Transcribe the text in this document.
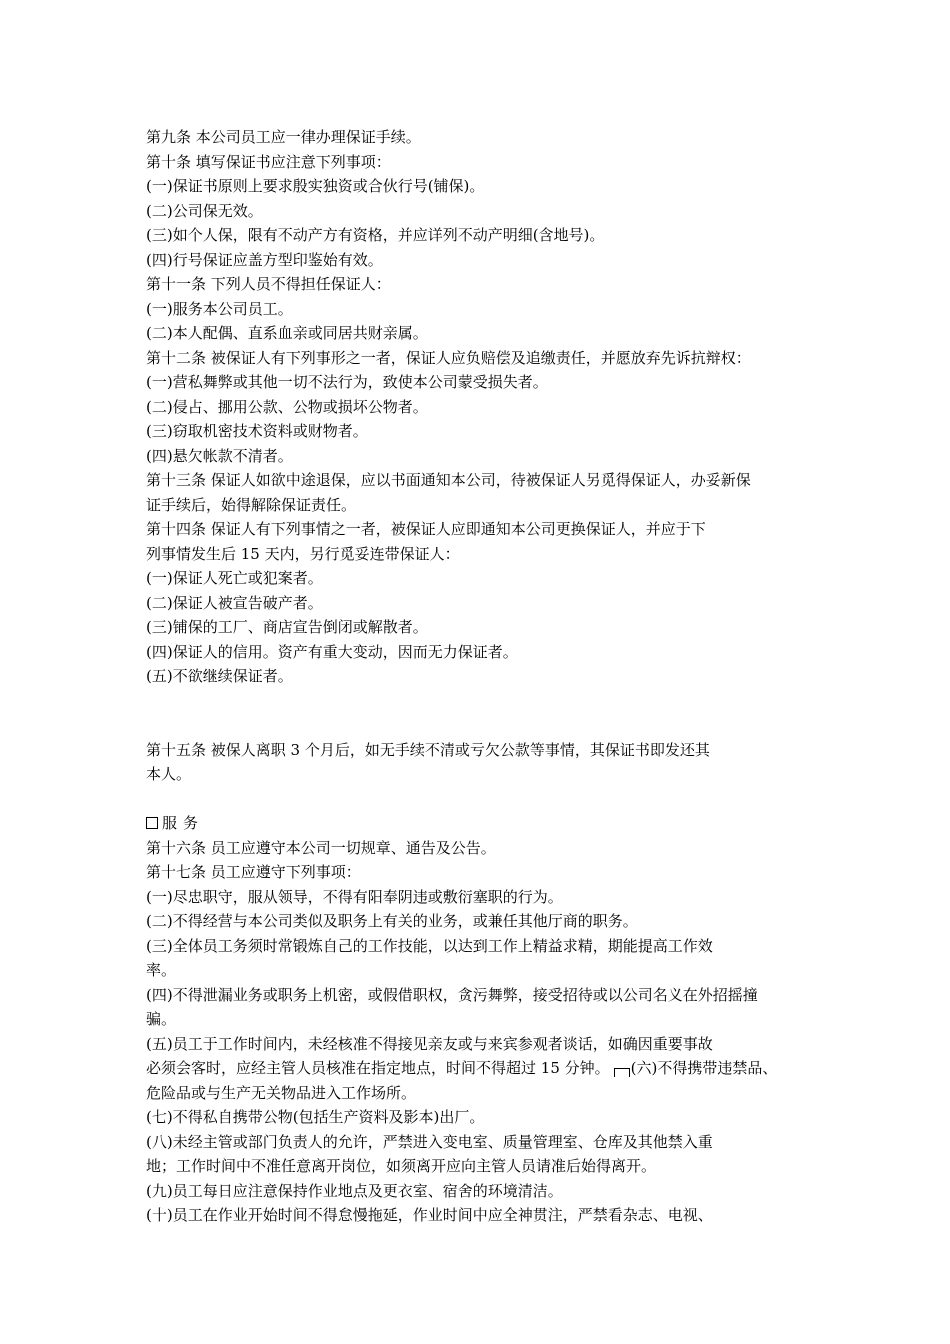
第九条 本公司员工应一律办理保证手续。
第十条 填写保证书应注意下列事项：
(一)保证书原则上要求殷实独资或合伙行号(铺保)。
(二)公司保无效。
(三)如个人保，限有不动产方有资格，并应详列不动产明细(含地号)。
(四)行号保证应盖方型印鉴始有效。
第十一条 下列人员不得担任保证人：
(一)服务本公司员工。
(二)本人配偶、直系血亲或同居共财亲属。
第十二条 被保证人有下列事形之一者，保证人应负赔偿及追缴责任，并愿放弃先诉抗辩权：
(一)营私舞弊或其他一切不法行为，致使本公司蒙受损失者。
(二)侵占、挪用公款、公物或损坏公物者。
(三)窃取机密技术资料或财物者。
(四)悬欠帐款不清者。
第十三条 保证人如欲中途退保，应以书面通知本公司，待被保证人另觅得保证人，办妥新保
证手续后，始得解除保证责任。
第十四条 保证人有下列事情之一者，被保证人应即通知本公司更换保证人，并应于下
列事情发生后 15 天内，另行觅妥连带保证人：
(一)保证人死亡或犯案者。
(二)保证人被宣告破产者。
(三)铺保的工厂、商店宣告倒闭或解散者。
(四)保证人的信用。资产有重大变动，因而无力保证者。
(五)不欲继续保证者。
第十五条 被保人离职 3 个月后，如无手续不清或亏欠公款等事情，其保证书即发还其
本人。
服务
第十六条 员工应遵守本公司一切规章、通告及公告。
第十七条 员工应遵守下列事项：
(一)尽忠职守，服从领导，不得有阳奉阴违或敷衍塞职的行为。
(二)不得经营与本公司类似及职务上有关的业务，或兼任其他厅商的职务。
(三)全体员工务须时常锻炼自己的工作技能，以达到工作上精益求精，期能提高工作效
率。
(四)不得泄漏业务或职务上机密，或假借职权，贪污舞弊，接受招待或以公司名义在外招摇撞
骗。
(五)员工于工作时间内，未经核准不得接见亲友或与来宾参观者谈话，如确因重要事故
必须会客时，应经主管人员核准在指定地点，时间不得超过 15 分钟。 (六)不得携带违禁品、
危险品或与生产无关物品进入工作场所。
(七)不得私自携带公物(包括生产资料及影本)出厂。
(八)未经主管或部门负责人的允许，严禁进入变电室、质量管理室、仓库及其他禁入重
地；工作时间中不准任意离开岗位，如须离开应向主管人员请准后始得离开。
(九)员工每日应注意保持作业地点及更衣室、宿舍的环境清洁。
(十)员工在作业开始时间不得怠慢拖延，作业时间中应全神贯注，严禁看杂志、电视、
